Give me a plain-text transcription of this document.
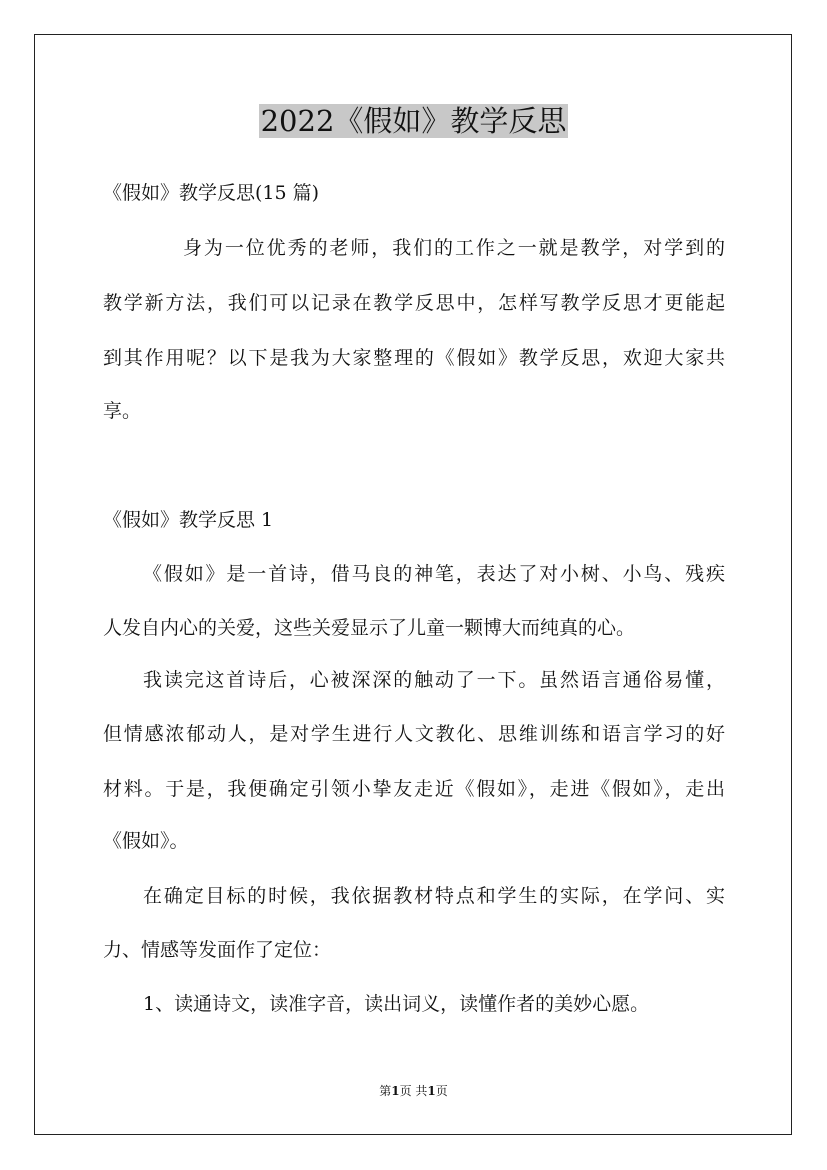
2022《假如》教学反思
《假如》教学反思(15 篇)
身为一位优秀的老师，我们的工作之一就是教学，对学到的
教学新方法，我们可以记录在教学反思中，怎样写教学反思才更能起
到其作用呢？以下是我为大家整理的《假如》教学反思，欢迎大家共
享。
《假如》教学反思 1
《假如》是一首诗，借马良的神笔，表达了对小树、小鸟、残疾
人发自内心的关爱，这些关爱显示了儿童一颗博大而纯真的心。
我读完这首诗后，心被深深的触动了一下。虽然语言通俗易懂，
但情感浓郁动人，是对学生进行人文教化、思维训练和语言学习的好
材料。于是，我便确定引领小挚友走近《假如》，走进《假如》，走出
《假如》。
在确定目标的时候，我依据教材特点和学生的实际，在学问、实
力、情感等发面作了定位：
1、读通诗文，读准字音，读出词义，读懂作者的美妙心愿。
第1页 共1页
